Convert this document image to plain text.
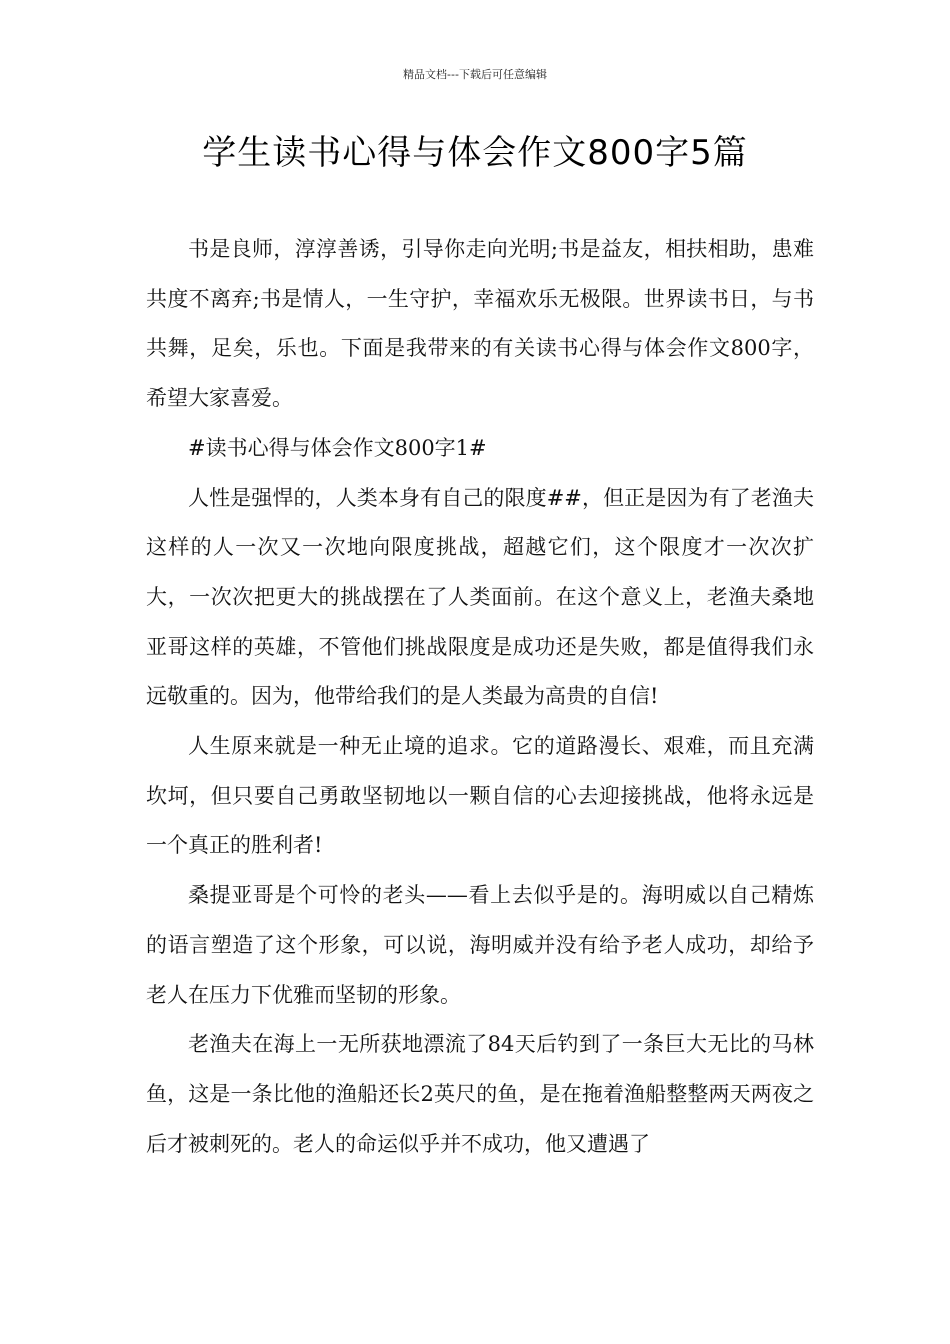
精品文档---下载后可任意编辑
学生读书心得与体会作文800字5篇

书是良师，淳淳善诱，引导你走向光明;书是益友，相扶相助，患难共度不离弃;书是情人，一生守护，幸福欢乐无极限。世界读书日，与书共舞，足矣，乐也。下面是我带来的有关读书心得与体会作文800字，希望大家喜爱。

#读书心得与体会作文800字1#

人性是强悍的，人类本身有自己的限度##，但正是因为有了老渔夫这样的人一次又一次地向限度挑战，超越它们，这个限度才一次次扩大，一次次把更大的挑战摆在了人类面前。在这个意义上，老渔夫桑地亚哥这样的英雄，不管他们挑战限度是成功还是失败，都是值得我们永远敬重的。因为，他带给我们的是人类最为高贵的自信!

人生原来就是一种无止境的追求。它的道路漫长、艰难，而且充满坎坷，但只要自己勇敢坚韧地以一颗自信的心去迎接挑战，他将永远是一个真正的胜利者!

桑提亚哥是个可怜的老头——看上去似乎是的。海明威以自己精炼的语言塑造了这个形象，可以说，海明威并没有给予老人成功，却给予老人在压力下优雅而坚韧的形象。

老渔夫在海上一无所获地漂流了84天后钓到了一条巨大无比的马林鱼，这是一条比他的渔船还长2英尺的鱼，是在拖着渔船整整两天两夜之后才被刺死的。老人的命运似乎并不成功，他又遭遇了
